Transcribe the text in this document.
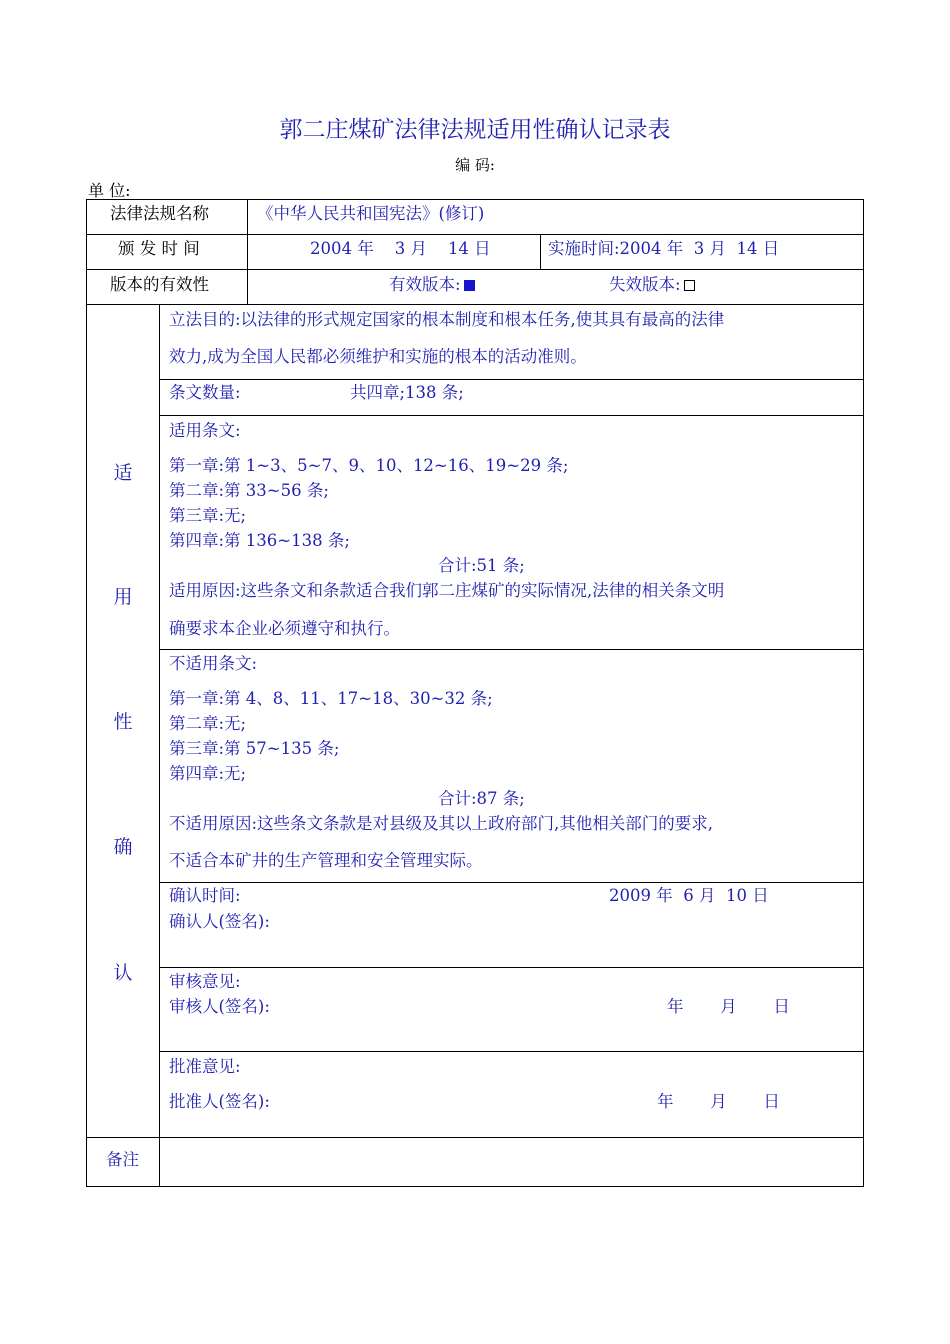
郭二庄煤矿法律法规适用性确认记录表
编 码:
单 位:
法律法规名称	《中华人民共和国宪法》(修订)
颁 发 时 间	2004 年    3 月    14 日	实施时间:2004 年  3 月  14 日
版本的有效性	有效版本:	失效版本:
适
用
性
确
认
立法目的:以法律的形式规定国家的根本制度和根本任务,使其具有最高的法律
效力,成为全国人民都必须维护和实施的根本的活动准则。
条文数量:	共四章;138 条;
适用条文:
第一章:第 1~3、5~7、9、10、12~16、19~29 条;
第二章:第 33~56 条;
第三章:无;
第四章:第 136~138 条;
合计:51 条;
适用原因:这些条文和条款适合我们郭二庄煤矿的实际情况,法律的相关条文明
确要求本企业必须遵守和执行。
不适用条文:
第一章:第 4、8、11、17~18、30~32 条;
第二章:无;
第三章:第 57~135 条;
第四章:无;
合计:87 条;
不适用原因:这些条文条款是对县级及其以上政府部门,其他相关部门的要求,
不适合本矿井的生产管理和安全管理实际。
确认时间:	2009 年  6 月  10 日
确认人(签名):
审核意见:
审核人(签名):	年       月       日
批准意见:
批准人(签名):	年       月       日
备注
